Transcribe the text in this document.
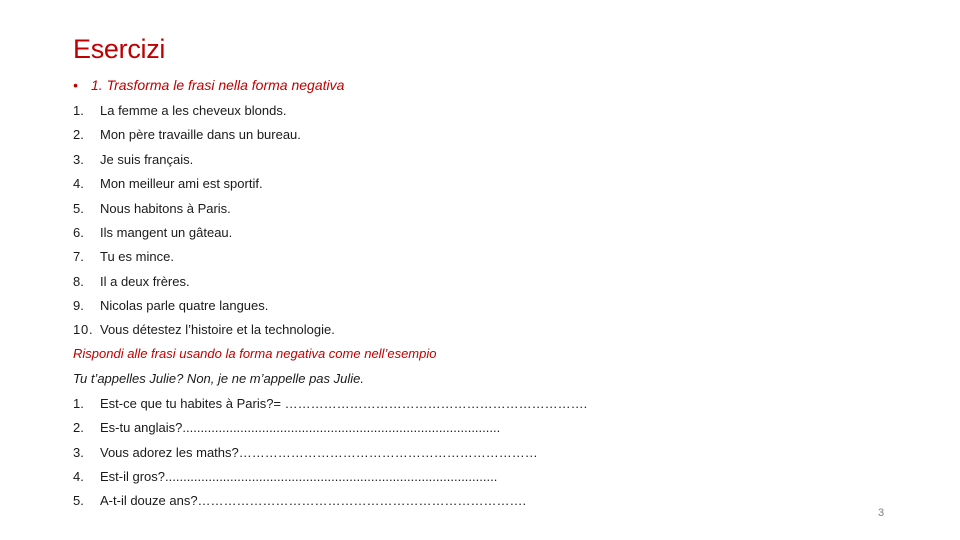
Esercizi
• 1. Trasforma le frasi nella forma negativa
1. La femme a les cheveux blonds.
2. Mon père travaille dans un bureau.
3. Je suis français.
4. Mon meilleur ami est sportif.
5. Nous habitons à Paris.
6. Ils mangent un gâteau.
7. Tu es mince.
8. Il a deux frères.
9. Nicolas parle quatre langues.
10. Vous détestez l’histoire et la technologie.
Rispondi alle frasi usando la forma negativa come nell’esempio
Tu t’appelles Julie? Non, je ne m’appelle pas Julie.
1. Est-ce que tu habites à Paris?= …………………………………………………………….
2. Es-tu anglais?........................................................................................
3. Vous adorez les maths?……………………………………………………………
4. Est-il gros?............................................................................................
5. A-t-il douze ans?………………………………………………………………….
3
